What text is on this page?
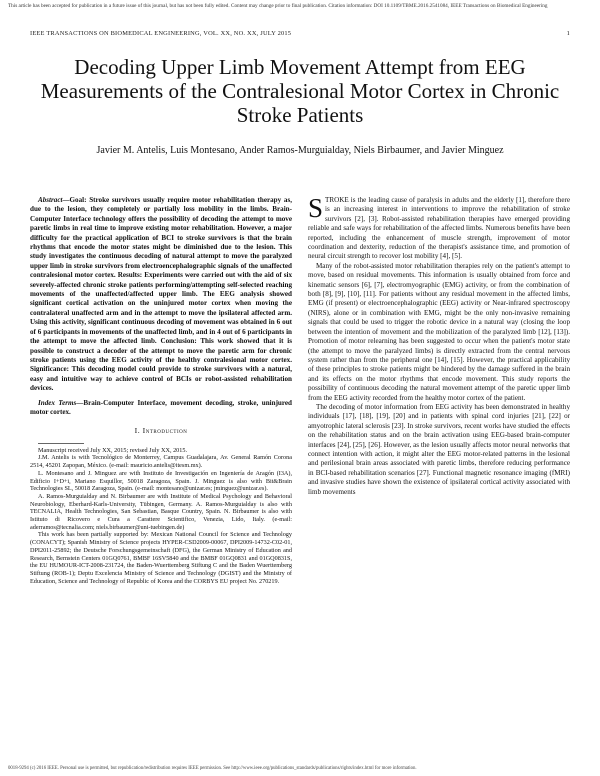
This article has been accepted for publication in a future issue of this journal, but has not been fully edited. Content may change prior to final publication. Citation information: DOI 10.1109/TBME.2016.2541084, IEEE Transactions on Biomedical Engineering
IEEE TRANSACTIONS ON BIOMEDICAL ENGINEERING, VOL. XX, NO. XX, JULY 2015	1
Decoding Upper Limb Movement Attempt from EEG Measurements of the Contralesional Motor Cortex in Chronic Stroke Patients
Javier M. Antelis, Luis Montesano, Ander Ramos-Murguialday, Niels Birbaumer, and Javier Minguez

Abstract—Goal: Stroke survivors usually require motor rehabilitation therapy as, due to the lesion, they completely or partially loss mobility in the limbs. Brain-Computer Interface technology offers the possibility of decoding the attempt to move paretic limbs in real time to improve existing motor rehabilitation. However, a major difficulty for the practical application of BCI to stroke survivors is that the brain rhythms that encode the motor states might be diminished due to the lesion. This study investigates the continuous decoding of natural attempt to move the paralyzed upper limb in stroke survivors from electroencephalographic signals of the unaffected contralesional motor cortex. Results: Experiments were carried out with the aid of six severely-affected chronic stroke patients performing/attempting self-selected reaching movements of the unaffected/affected upper limb. The EEG analysis showed significant cortical activation on the uninjured motor cortex when moving the contralateral unaffected arm and in the attempt to move the ipsilateral affected arm. Using this activity, significant continuous decoding of movement was obtained in 6 out of 6 participants in movements of the unaffected limb, and in 4 out of 6 participants in the attempt to move the affected limb. Conclusion: This work showed that it is possible to construct a decoder of the attempt to move the paretic arm for chronic stroke patients using the EEG activity of the healthy contralesional motor cortex. Significance: This decoding model could provide to stroke survivors with a natural, easy and intuitive way to achieve control of BCIs or robot-assisted rehabilitation devices.

Index Terms—Brain-Computer Interface, movement decoding, stroke, uninjured motor cortex.

I. Introduction

Manuscript received July XX, 2015; revised July XX, 2015.

J.M. Antelis is with Tecnológico de Monterrey, Campus Guadalajara, Av. General Ramón Corona 2514, 45201 Zapopan, México. (e-mail: mauricio.antelis@itesm.mx).

L. Montesano and J. Minguez are with Instituto de Investigación en Ingeniería de Aragón (I3A), Edificio I+D+i, Mariano Esquillor, 50018 Zaragoza, Spain. J. Minguez is also with Bit&Brain Technologies SL, 50018 Zaragoza, Spain. (e-mail: montesano@unizar.es; jminguez@unizar.es).

A. Ramos-Murguialday and N. Birbaumer are with Institute of Medical Psychology and Behavioral Neurobiology, Eberhard-Karls-University, Tübingen, Germany. A. Ramos-Murguialday is also with TECNALIA, Health Technologies, San Sebastian, Basque Country, Spain. N. Birbaumer is also with Istituto di Ricovero e Cura a Carattere Scientifico, Venezia, Lido, Italy. (e-mail: aderramos@tecnalia.com; niels.birbaumer@uni-tuebingen.de)

This work has been partially supported by: Mexican National Council for Science and Technology (CONACYT); Spanish Ministry of Science projects HYPER-CSD2009-00067, DPI2009-14732-C02-01, DPI2011-25892; the Deutsche Forschungsgemeinschaft (DFG), the German Ministry of Education and Research, Bernstein Centers 01GQ0761, BMBF 16SV5840 and the BMBF 01GQ0831 and 01GQ0831S, the EU HUMOUR-ICT-2008-231724, the Baden-Wuerttemberg Stiftung C and the Baden Wuerttemberg Stiftung (ROB-1); Deptu Excelencia Ministry of Science and Technology (DGIST) and the Ministry of Education, Science and Technology of Republic of Korea and the CORBYS EU project No. 270219.

STROKE is the leading cause of paralysis in adults and the elderly [1], therefore there is an increasing interest in interventions to improve the rehabilitation of stroke survivors [2], [3]. Robot-assisted rehabilitation therapies have emerged providing reliable and safe ways for rehabilitation of the affected limbs. Numerous benefits have been reported, including the enhancement of muscle strength, improvement of motor coordination and dexterity, reduction of the therapist's assistance time, and promotion of neural circuit strength to recover lost mobility [4], [5].

Many of the robot-assisted motor rehabilitation therapies rely on the patient's attempt to move, based on residual movements. This information is usually obtained from force and kinematic sensors [6], [7], electromyographic (EMG) activity, or from the combination of both [8], [9], [10], [11]. For patients without any residual movement in the affected limbs, EMG (if present) or electroencephalographic (EEG) activity or Near-infrared spectroscopy (NIRS), alone or in combination with EMG, might be the only non-invasive remaining signals that could be used to trigger the robotic device in a natural way (closing the loop between the intention of movement and the mobilization of the paralyzed limb [12], [13]). Promotion of motor relearning has been suggested to occur when the patient's motor state (the attempt to move the paralyzed limbs) is directly extracted from the central nervous system rather than from the peripheral one [14], [15]. However, the practical applicability of these principles to stroke patients might be hindered by the damage suffered in the brain and its effects on the motor rhythms that encode movement. This study reports the possibility of continuous decoding the natural movement attempt of the paretic upper limb from the EEG activity recorded from the healthy motor cortex of the patient.

The decoding of motor information from EEG activity has been demonstrated in healthy individuals [17], [18], [19], [20] and in patients with spinal cord injuries [21], [22] or amyotrophic lateral sclerosis [23]. In stroke survivors, recent works have studied the effects on the rehabilitation status and on the brain activation using EEG-based brain-computer interfaces [24], [25], [26]. However, as the lesion usually affects motor neural networks that connect intention with action, it might alter the EEG motor-related patterns in the lesional and perilesional brain areas associated with paretic limbs, therefore reducing performance in BCI-based rehabilitation scenarios [27]. Functional magnetic resonance imaging (fMRI) and invasive studies have shown the existence of ipsilateral cortical activity associated with limb movements

0018-9294 (c) 2016 IEEE. Personal use is permitted, but republication/redistribution requires IEEE permission. See http://www.ieee.org/publications_standards/publications/rights/index.html for more information.
